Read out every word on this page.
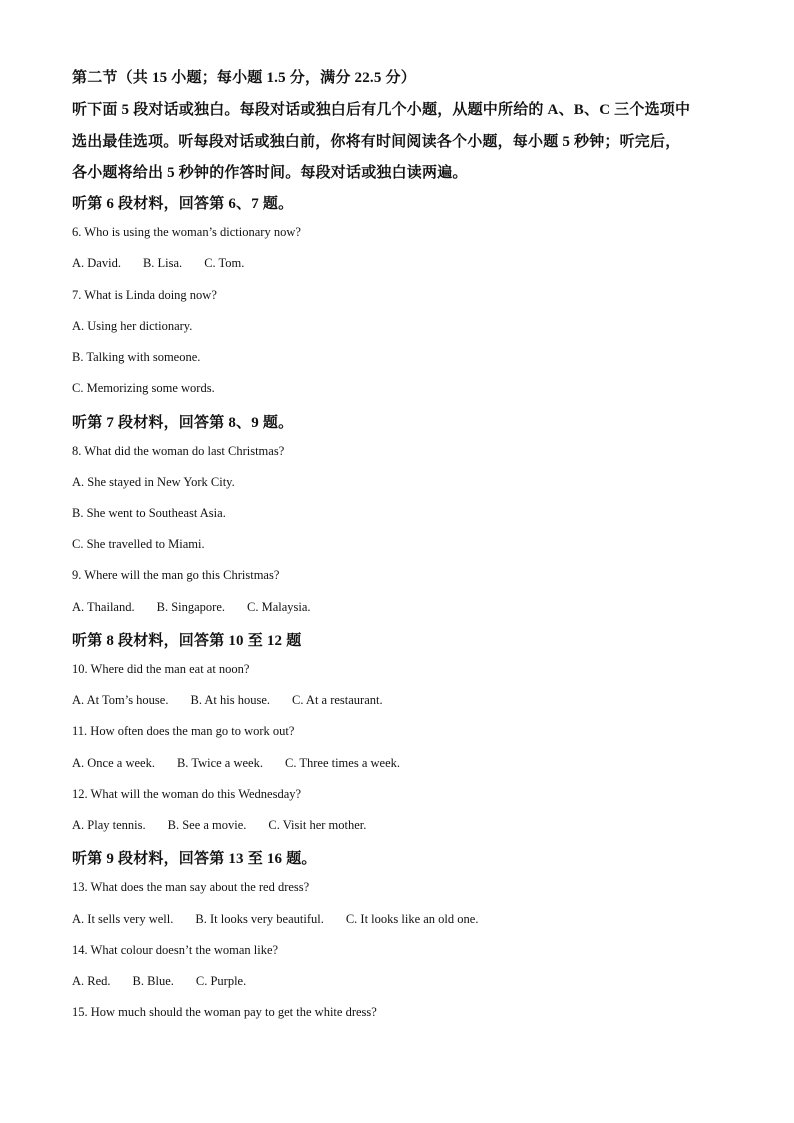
第二节（共 15 小题；每小题 1.5 分，满分 22.5 分）
听下面 5 段对话或独白。每段对话或独白后有几个小题，从题中所给的 A、B、C 三个选项中
选出最佳选项。听每段对话或独白前，你将有时间阅读各个小题，每小题 5 秒钟；听完后，
各小题将给出 5 秒钟的作答时间。每段对话或独白读两遍。
听第 6 段材料，回答第 6、7 题。
6. Who is using the woman’s dictionary now?
A. David. B. Lisa. C. Tom.
7. What is Linda doing now?
A. Using her dictionary.
B. Talking with someone.
C. Memorizing some words.
听第 7 段材料，回答第 8、9 题。
8. What did the woman do last Christmas?
A. She stayed in New York City.
B. She went to Southeast Asia.
C. She travelled to Miami.
9. Where will the man go this Christmas?
A. Thailand. B. Singapore. C. Malaysia.
听第 8 段材料，回答第 10 至 12 题
10. Where did the man eat at noon?
A. At Tom’s house. B. At his house. C. At a restaurant.
11. How often does the man go to work out?
A. Once a week. B. Twice a week. C. Three times a week.
12. What will the woman do this Wednesday?
A. Play tennis. B. See a movie. C. Visit her mother.
听第 9 段材料，回答第 13 至 16 题。
13. What does the man say about the red dress?
A. It sells very well. B. It looks very beautiful. C. It looks like an old one.
14. What colour doesn’t the woman like?
A. Red. B. Blue. C. Purple.
15. How much should the woman pay to get the white dress?
